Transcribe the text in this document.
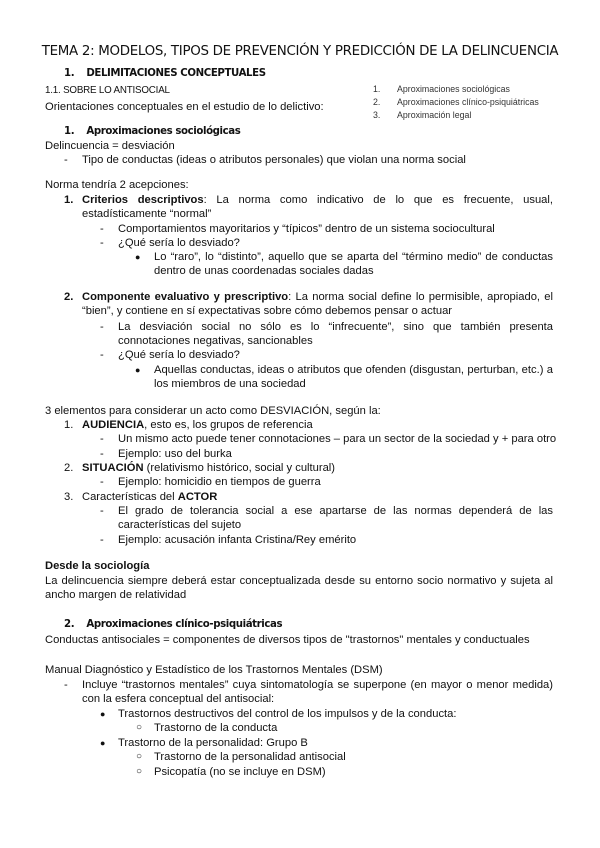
TEMA 2: MODELOS, TIPOS DE PREVENCIÓN Y PREDICCIÓN DE LA DELINCUENCIA
1. DELIMITACIONES CONCEPTUALES
1.1. SOBRE LO ANTISOCIAL
Orientaciones conceptuales en el estudio de lo delictivo:
1. Aproximaciones sociológicas
2. Aproximaciones clínico-psiquiátricas
3. Aproximación legal
1. Aproximaciones sociológicas
Delincuencia = desviación
- Tipo de conductas (ideas o atributos personales) que violan una norma social
Norma tendría 2 acepciones:
1. Criterios descriptivos: La norma como indicativo de lo que es frecuente, usual,
estadísticamente “normal”
- Comportamientos mayoritarios y “típicos” dentro de un sistema sociocultural
- ¿Qué sería lo desviado?
● Lo “raro”, lo “distinto”, aquello que se aparta del “término medio” de conductas
dentro de unas coordenadas sociales dadas
2. Componente evaluativo y prescriptivo: La norma social define lo permisible, apropiado, el
“bien”, y contiene en sí expectativas sobre cómo debemos pensar o actuar
- La desviación social no sólo es lo “infrecuente”, sino que también presenta
connotaciones negativas, sancionables
- ¿Qué sería lo desviado?
● Aquellas conductas, ideas o atributos que ofenden (disgustan, perturban, etc.) a
los miembros de una sociedad
3 elementos para considerar un acto como DESVIACIÓN, según la:
1. AUDIENCIA, esto es, los grupos de referencia
- Un mismo acto puede tener connotaciones – para un sector de la sociedad y + para otro
- Ejemplo: uso del burka
2. SITUACIÓN (relativismo histórico, social y cultural)
- Ejemplo: homicidio en tiempos de guerra
3. Características del ACTOR
- El grado de tolerancia social a ese apartarse de las normas dependerá de las
características del sujeto
- Ejemplo: acusación infanta Cristina/Rey emérito
Desde la sociología
La delincuencia siempre deberá estar conceptualizada desde su entorno socio normativo y sujeta al
ancho margen de relatividad
2. Aproximaciones clínico-psiquiátricas
Conductas antisociales = componentes de diversos tipos de "trastornos" mentales y conductuales
Manual Diagnóstico y Estadístico de los Trastornos Mentales (DSM)
- Incluye “trastornos mentales” cuya sintomatología se superpone (en mayor o menor medida)
con la esfera conceptual del antisocial:
● Trastornos destructivos del control de los impulsos y de la conducta:
○ Trastorno de la conducta
● Trastorno de la personalidad: Grupo B
○ Trastorno de la personalidad antisocial
○ Psicopatía (no se incluye en DSM)
